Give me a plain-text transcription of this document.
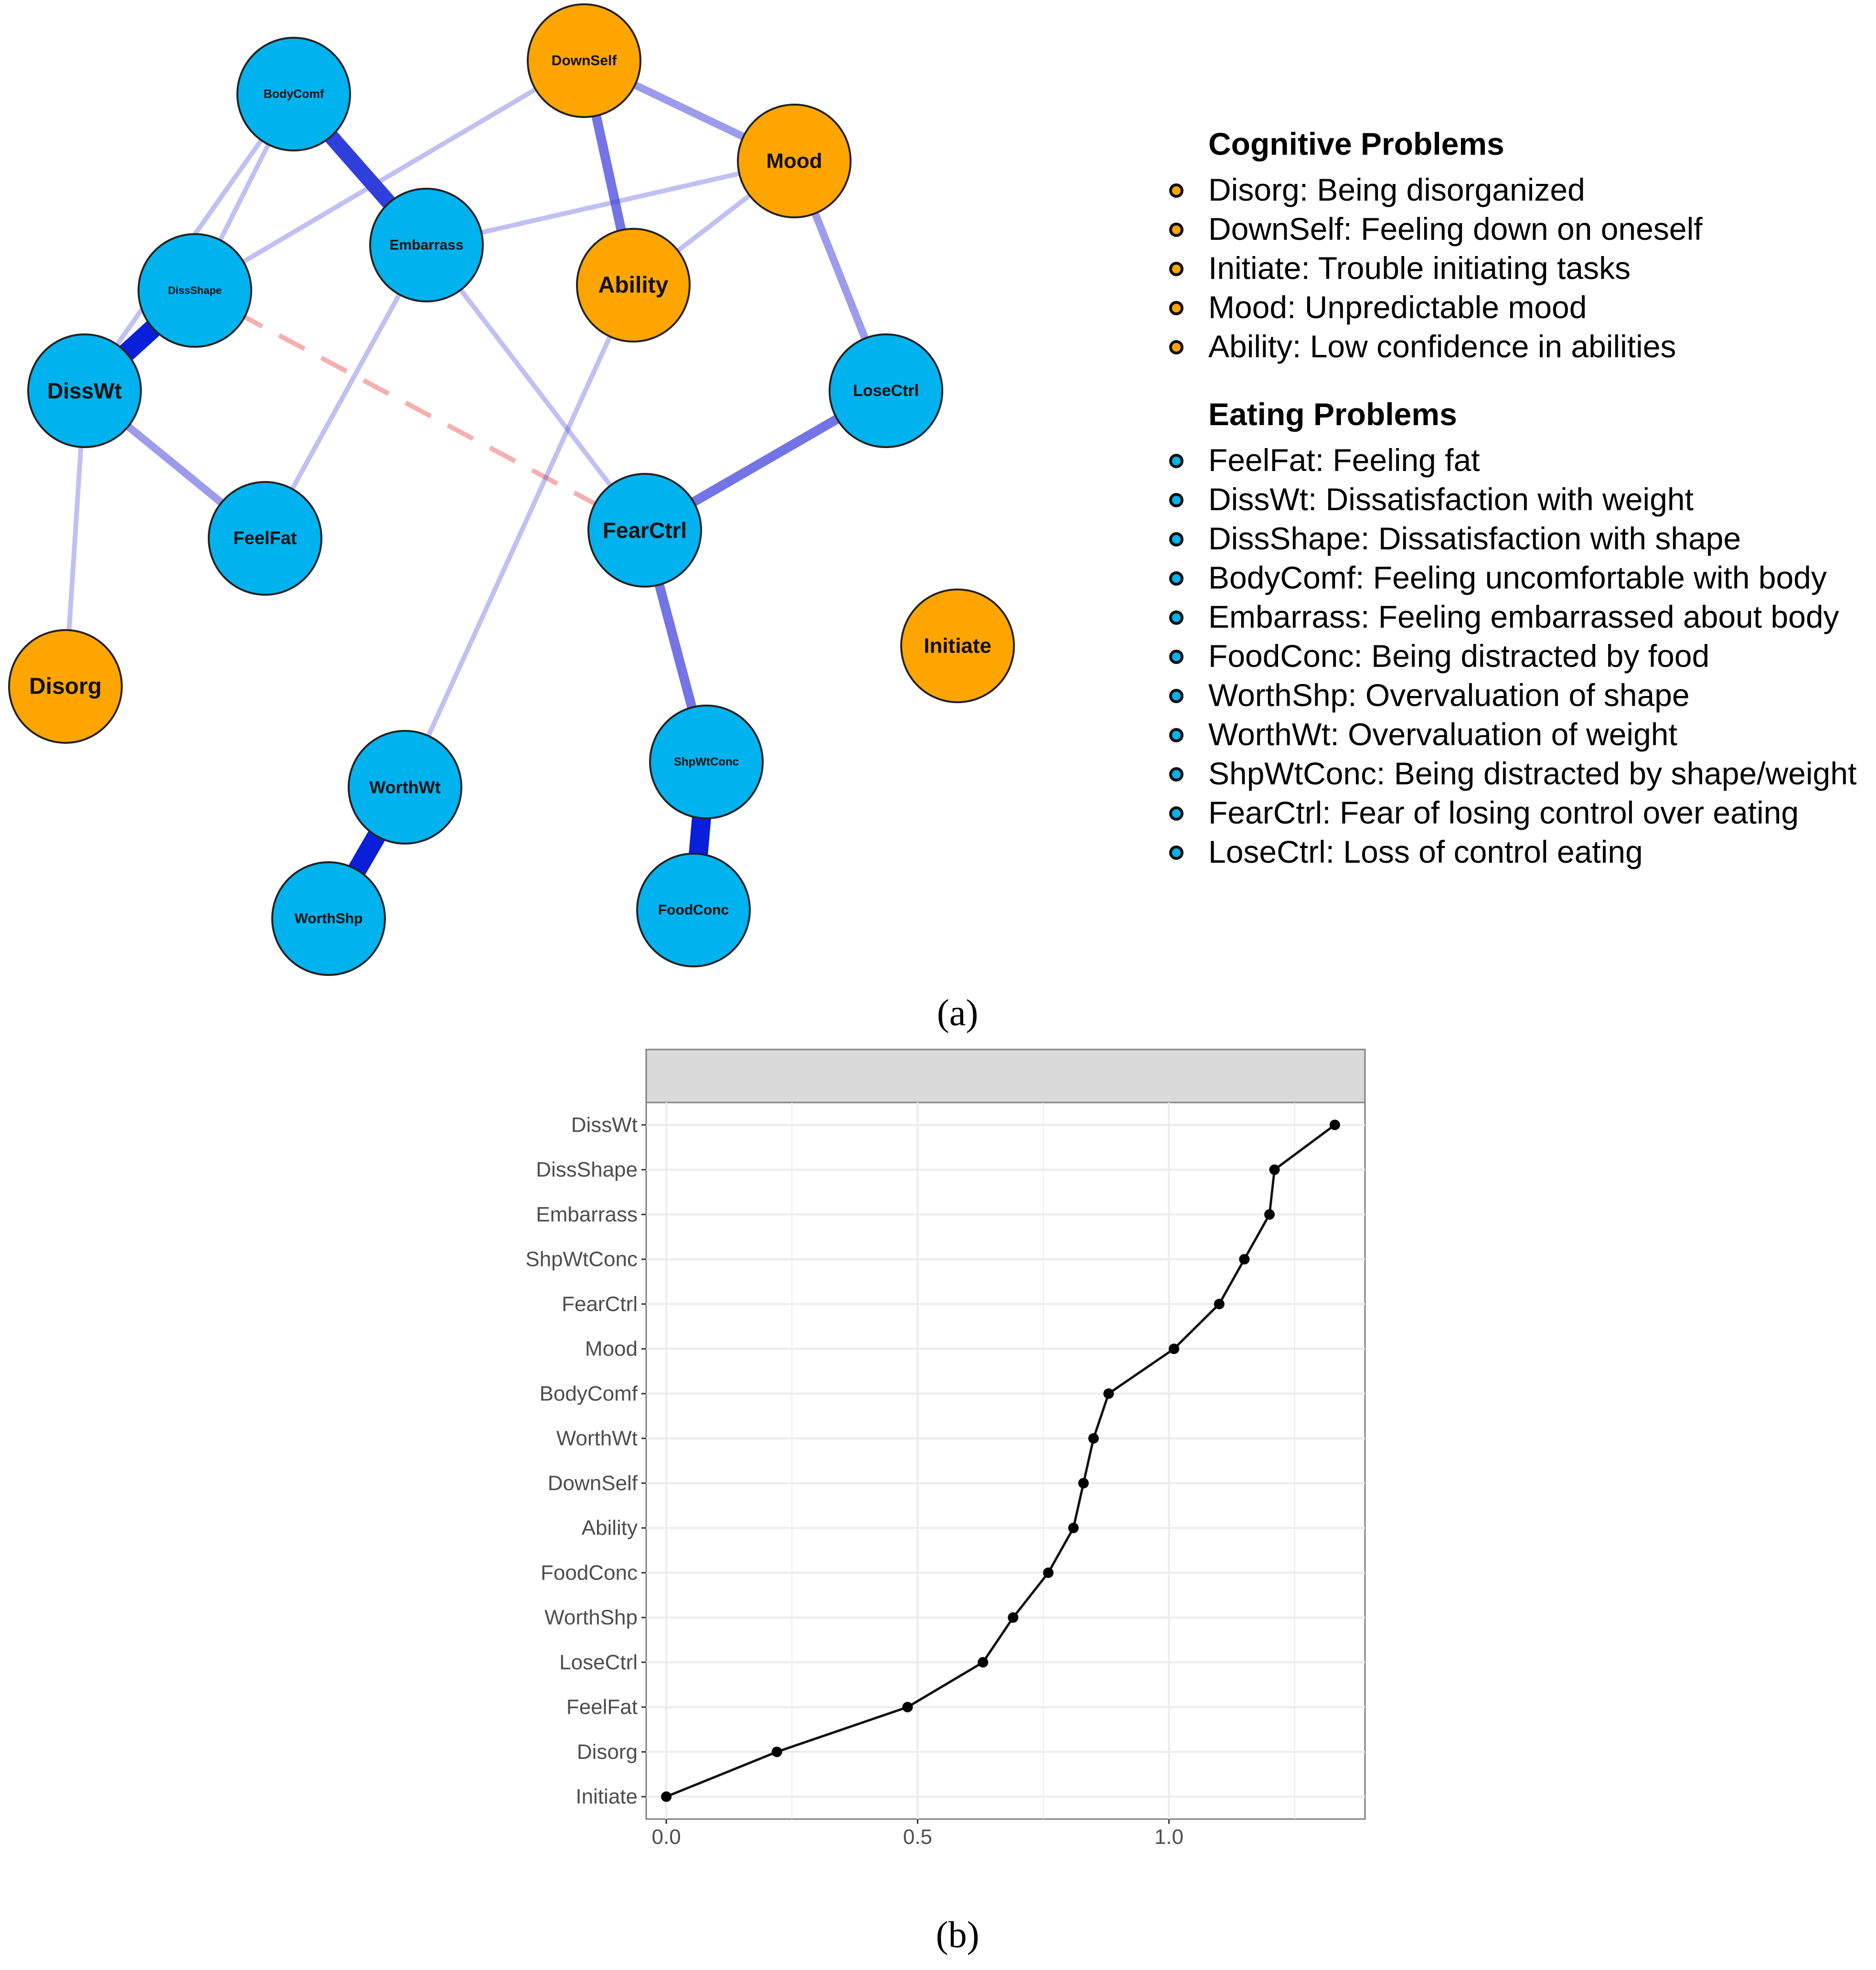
BodyComf
DownSelf
Mood
Embarrass
Ability
DissShape
DissWt	LoseCtrl
FeelFat	FearCtrl
Initiate
Disorg
WorthWt
ShpWtConc
WorthShp
FoodConc
Cognitive Problems
Disorg: Being disorganized
DownSelf: Feeling down on oneself
Initiate: Trouble initiating tasks
Mood: Unpredictable mood
Ability: Low confidence in abilities
Eating Problems
FeelFat: Feeling fat
DissWt: Dissatisfaction with weight
DissShape: Dissatisfaction with shape
BodyComf: Feeling uncomfortable with body
Embarrass: Feeling embarrassed about body
FoodConc: Being distracted by food
WorthShp: Overvaluation of shape
WorthWt: Overvaluation of weight
ShpWtConc: Being distracted by shape/weight
FearCtrl: Fear of losing control over eating
LoseCtrl: Loss of control eating
(a)
DissWt
DissShape
Embarrass
ShpWtConc
FearCtrl
Mood
BodyComf
WorthWt
DownSelf
Ability
FoodConc
WorthShp
LoseCtrl
FeelFat
Disorg
Initiate
0.0	0.5	1.0
(b)
